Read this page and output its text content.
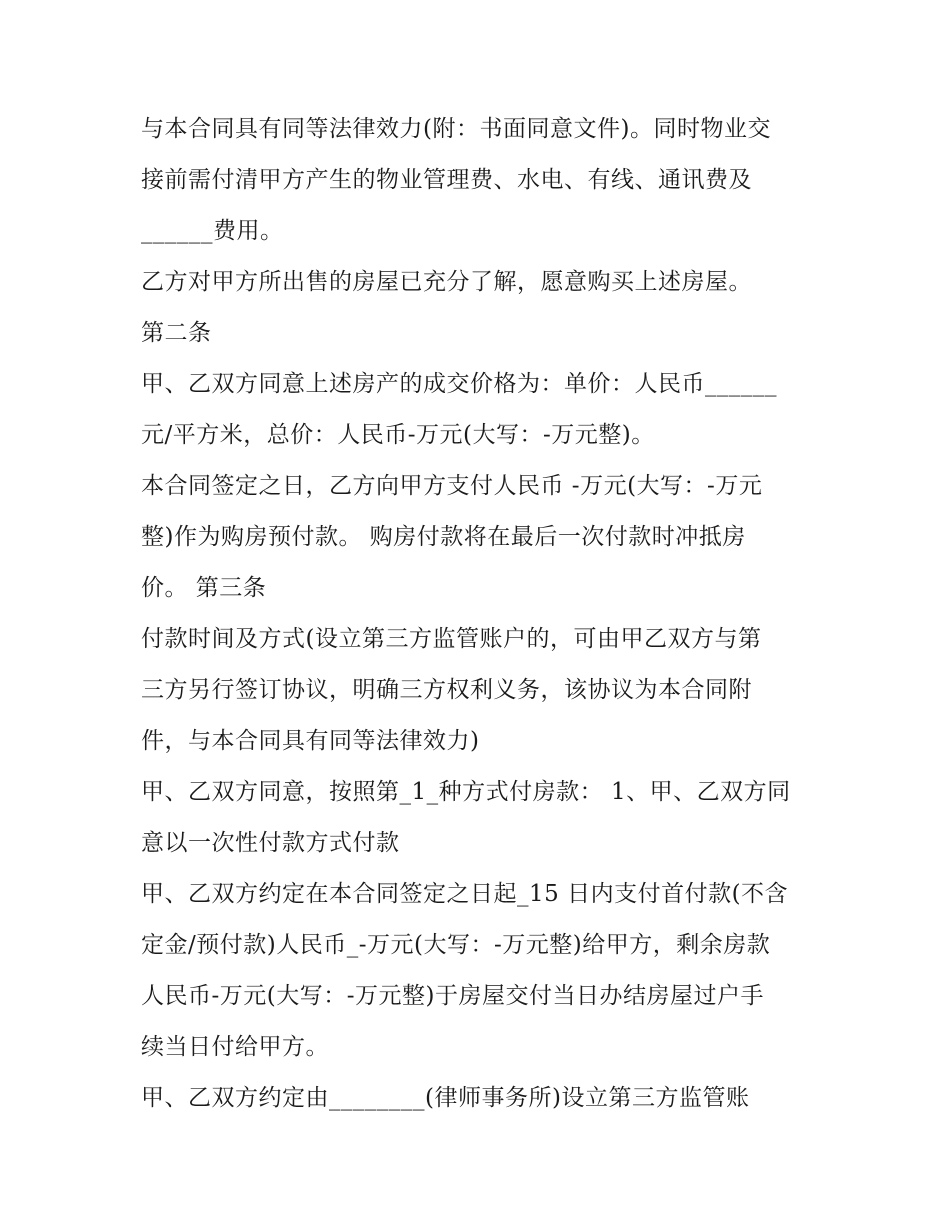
与本合同具有同等法律效力(附：书面同意文件)。同时物业交
接前需付清甲方产生的物业管理费、水电、有线、通讯费及
______费用。
乙方对甲方所出售的房屋已充分了解，愿意购买上述房屋。
第二条
甲、乙双方同意上述房产的成交价格为：单价：人民币______
元/平方米，总价：人民币-万元(大写：-万元整)。
本合同签定之日，乙方向甲方支付人民币 -万元(大写：-万元
整)作为购房预付款。 购房付款将在最后一次付款时冲抵房
价。 第三条
付款时间及方式(设立第三方监管账户的，可由甲乙双方与第
三方另行签订协议，明确三方权利义务，该协议为本合同附
件，与本合同具有同等法律效力)
甲、乙双方同意，按照第_1_种方式付房款： 1、甲、乙双方同
意以一次性付款方式付款
甲、乙双方约定在本合同签定之日起_15 日内支付首付款(不含
定金/预付款)人民币_-万元(大写：-万元整)给甲方，剩余房款
人民币-万元(大写：-万元整)于房屋交付当日办结房屋过户手
续当日付给甲方。
甲、乙双方约定由________(律师事务所)设立第三方监管账
